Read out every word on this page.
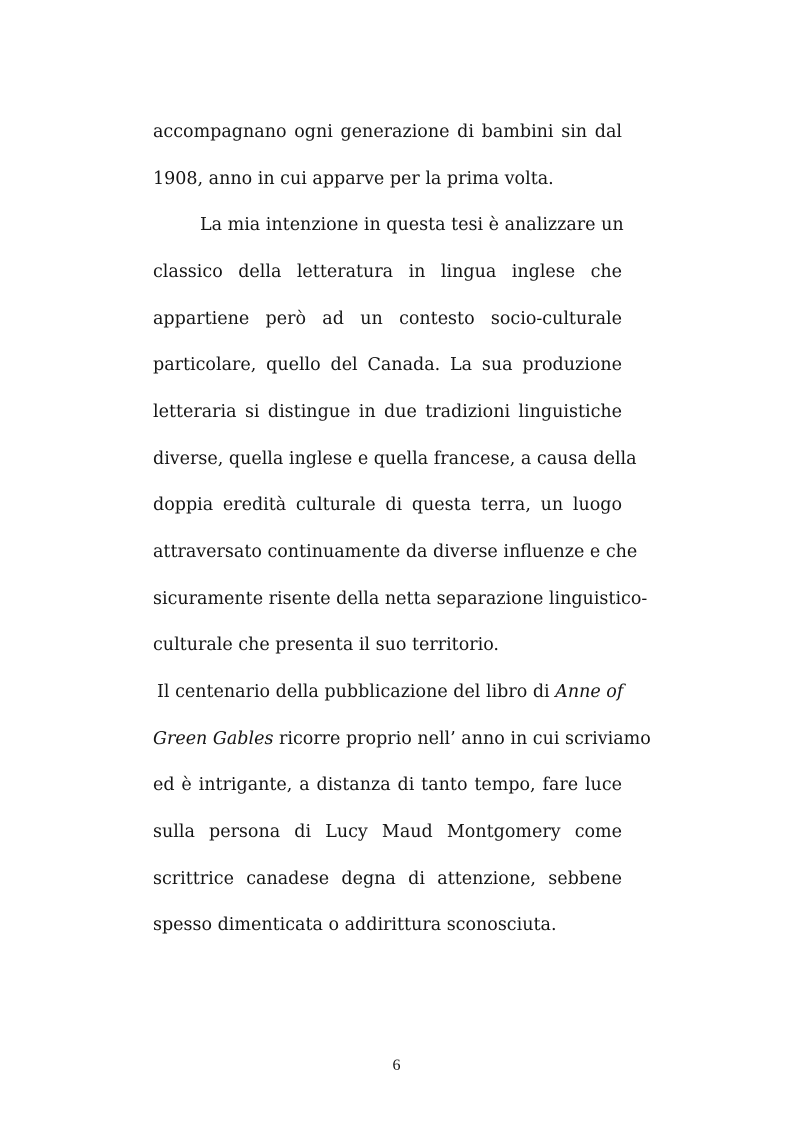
accompagnano ogni generazione di bambini sin dal
1908, anno in cui apparve per la prima volta.
La mia intenzione in questa tesi è analizzare un
classico della letteratura in lingua inglese che
appartiene però ad un contesto socio-culturale
particolare, quello del Canada. La sua produzione
letteraria si distingue in due tradizioni linguistiche
diverse, quella inglese e quella francese, a causa della
doppia eredità culturale di questa terra, un luogo
attraversato continuamente da diverse influenze e che
sicuramente risente della netta separazione linguistico-
culturale che presenta il suo territorio.
Il centenario della pubblicazione del libro di Anne of
Green Gables ricorre proprio nell’ anno in cui scriviamo
ed è intrigante, a distanza di tanto tempo, fare luce
sulla persona di Lucy Maud Montgomery come
scrittrice canadese degna di attenzione, sebbene
spesso dimenticata o addirittura sconosciuta.
6
